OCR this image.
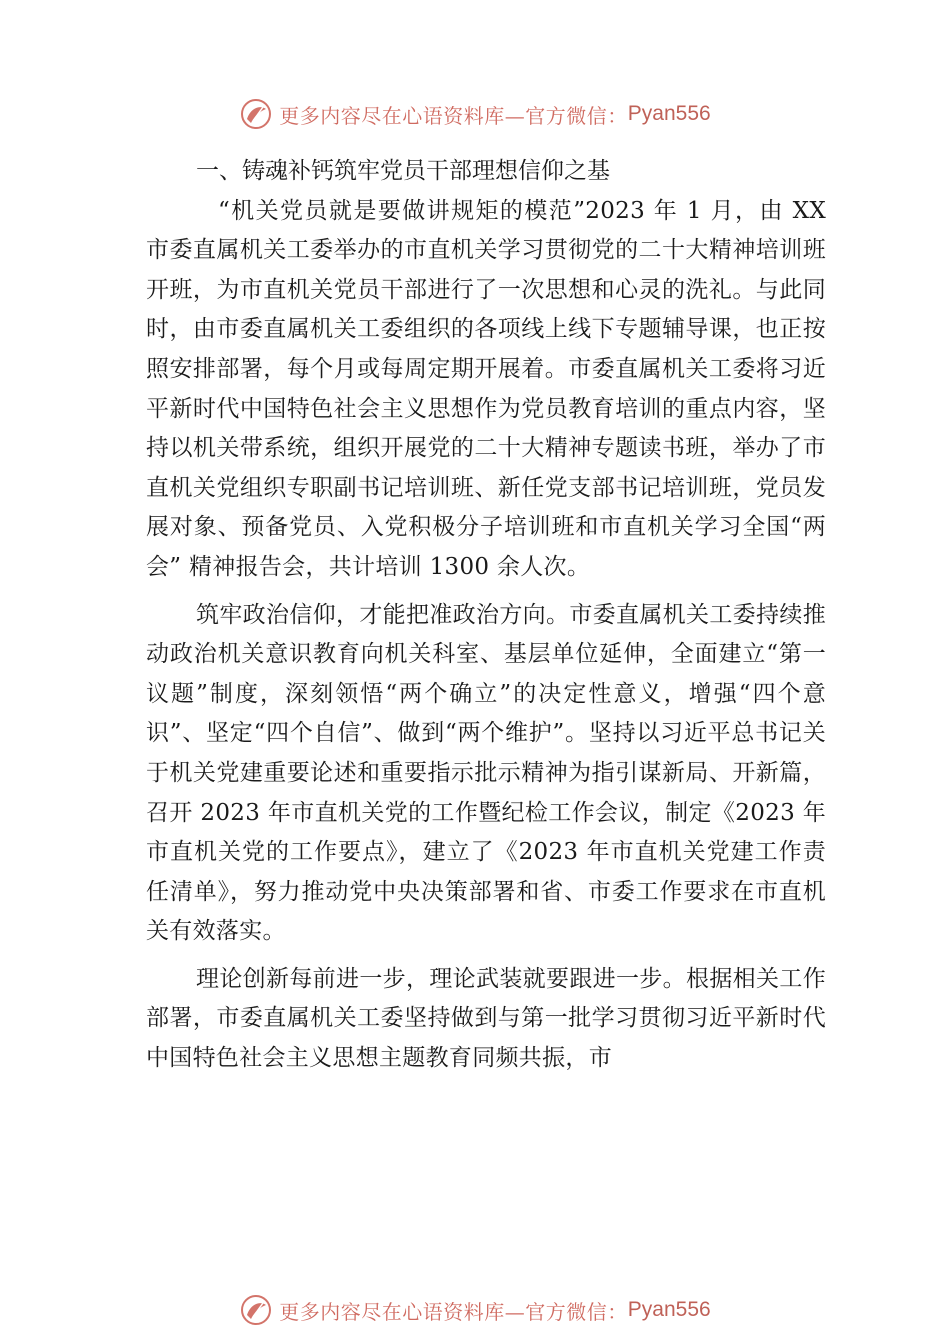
更多内容尽在心语资料库—官方微信： Pyan556

一、铸魂补钙筑牢党员干部理想信仰之基

“机关党员就是要做讲规矩的模范”2023 年 1 月，由 XX 市委直属机关工委举办的市直机关学习贯彻党的二十大精神培训班开班，为市直机关党员干部进行了一次思想和心灵的洗礼。与此同时，由市委直属机关工委组织的各项线上线下专题辅导课，也正按照安排部署，每个月或每周定期开展着。市委直属机关工委将习近平新时代中国特色社会主义思想作为党员教育培训的重点内容，坚持以机关带系统，组织开展党的二十大精神专题读书班，举办了市直机关党组织专职副书记培训班、新任党支部书记培训班，党员发展对象、预备党员、入党积极分子培训班和市直机关学习全国“两会” 精神报告会，共计培训 1300 余人次。

筑牢政治信仰，才能把准政治方向。市委直属机关工委持续推动政治机关意识教育向机关科室、基层单位延伸，全面建立“第一议题”制度，深刻领悟“两个确立”的决定性意义，增强“四个意识”、坚定“四个自信”、做到“两个维护”。坚持以习近平总书记关于机关党建重要论述和重要指示批示精神为指引谋新局、开新篇，召开 2023 年市直机关党的工作暨纪检工作会议，制定《2023 年市直机关党的工作要点》，建立了《2023 年市直机关党建工作责任清单》，努力推动党中央决策部署和省、市委工作要求在市直机关有效落实。

理论创新每前进一步，理论武装就要跟进一步。根据相关工作部署，市委直属机关工委坚持做到与第一批学习贯彻习近平新时代中国特色社会主义思想主题教育同频共振，市

更多内容尽在心语资料库—官方微信： Pyan556
